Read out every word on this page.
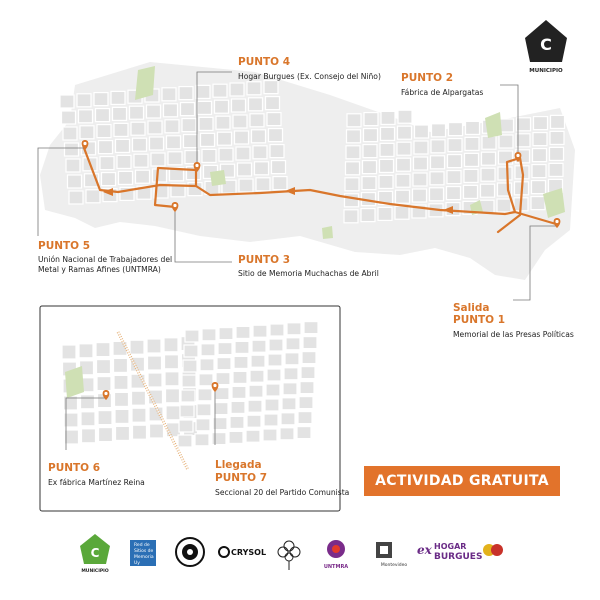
C
MUNICIPIO
PUNTO 4
Hogar Burgues (Ex. Consejo del Niño) PUNTO 2
Fábrica de Alpargatas
PUNTO 5
Unión Nacional de Trabajadores del
Metal y Ramas Afines (UNTMRA)
PUNTO 3
Sitio de Memoria Muchachas de Abril
Salida
PUNTO 1
Memorial de las Presas Políticas
PUNTO 6
Ex fábrica Martínez Reina
Llegada
PUNTO 7
Seccional 20 del Partido Comunista
ACTIVIDAD GRATUITA
C
MUNICIPIO
Red de
Sitios de
Memoria
Uy
CRYSOL
UNTMRA	Montevideo
ex HOGAR
BURGUES
